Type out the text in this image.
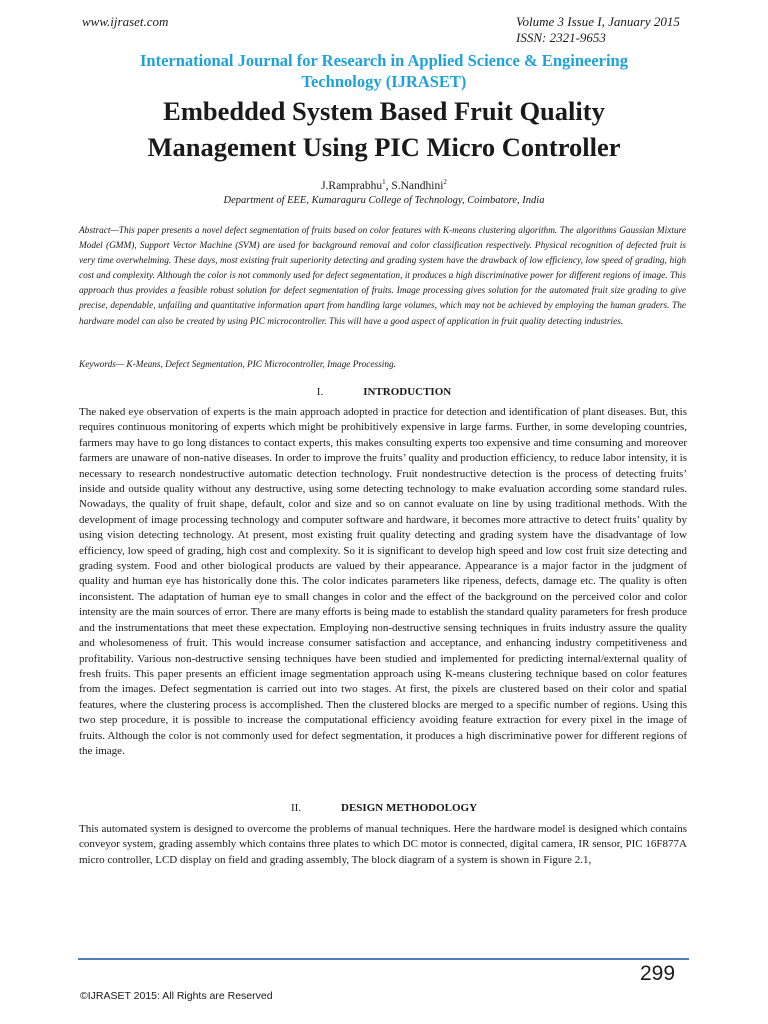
www.ijraset.com	Volume 3 Issue I, January 2015
ISSN: 2321-9653
International Journal for Research in Applied Science & Engineering
Technology (IJRASET)
Embedded System Based Fruit Quality
Management Using PIC Micro Controller
J.Ramprabhu$^1$, S.Nandhini$^2$
Department of EEE, Kumaraguru College of Technology, Coimbatore, India
Abstract—This paper presents a novel defect segmentation of fruits based on color features with K-means clustering algorithm. The algorithms Gaussian Mixture Model (GMM), Support Vector Machine (SVM) are used for background removal and color classification respectively. Physical recognition of defected fruit is very time overwhelming. These days, most existing fruit superiority detecting and grading system have the drawback of low efficiency, low speed of grading, high cost and complexity. Although the color is not commonly used for defect segmentation, it produces a high discriminative power for different regions of image. This approach thus provides a feasible robust solution for defect segmentation of fruits. Image processing gives solution for the automated fruit size grading to give precise, dependable, unfailing and quantitative information apart from handling large volumes, which may not be achieved by employing the human graders. The hardware model can also be created by using PIC microcontroller. This will have a good aspect of application in fruit quality detecting industries.
Keywords— K-Means, Defect Segmentation, PIC Microcontroller, Image Processing.
I.	INTRODUCTION
The naked eye observation of experts is the main approach adopted in practice for detection and identification of plant diseases. But, this requires continuous monitoring of experts which might be prohibitively expensive in large farms. Further, in some developing countries, farmers may have to go long distances to contact experts, this makes consulting experts too expensive and time consuming and moreover farmers are unaware of non-native diseases. In order to improve the fruits’ quality and production efficiency, to reduce labor intensity, it is necessary to research nondestructive automatic detection technology. Fruit nondestructive detection is the process of detecting fruits’ inside and outside quality without any destructive, using some detecting technology to make evaluation according some standard rules. Nowadays, the quality of fruit shape, default, color and size and so on cannot evaluate on line by using traditional methods. With the development of image processing technology and computer software and hardware, it becomes more attractive to detect fruits’ quality by using vision detecting technology. At present, most existing fruit quality detecting and grading system have the disadvantage of low efficiency, low speed of grading, high cost and complexity. So it is significant to develop high speed and low cost fruit size detecting and grading system. Food and other biological products are valued by their appearance. Appearance is a major factor in the judgment of quality and human eye has historically done this. The color indicates parameters like ripeness, defects, damage etc. The quality is often inconsistent. The adaptation of human eye to small changes in color and the effect of the background on the perceived color and color intensity are the main sources of error. There are many efforts is being made to establish the standard quality parameters for fresh produce and the instrumentations that meet these expectation. Employing non-destructive sensing techniques in fruits industry assure the quality and wholesomeness of fruit. This would increase consumer satisfaction and acceptance, and enhancing industry competitiveness and profitability. Various non-destructive sensing techniques have been studied and implemented for predicting internal/external quality of fresh fruits. This paper presents an efficient image segmentation approach using K-means clustering technique based on color features from the images. Defect segmentation is carried out into two stages. At first, the pixels are clustered based on their color and spatial features, where the clustering process is accomplished. Then the clustered blocks are merged to a specific number of regions. Using this two step procedure, it is possible to increase the computational efficiency avoiding feature extraction for every pixel in the image of fruits. Although the color is not commonly used for defect segmentation, it produces a high discriminative power for different regions of the image.
II.	DESIGN METHODOLOGY
This automated system is designed to overcome the problems of manual techniques. Here the hardware model is designed which contains conveyor system, grading assembly which contains three plates to which DC motor is connected, digital camera, IR sensor, PIC 16F877A micro controller, LCD display on field and grading assembly, The block diagram of a system is shown in Figure 2.1,
299
©IJRASET 2015: All Rights are Reserved
